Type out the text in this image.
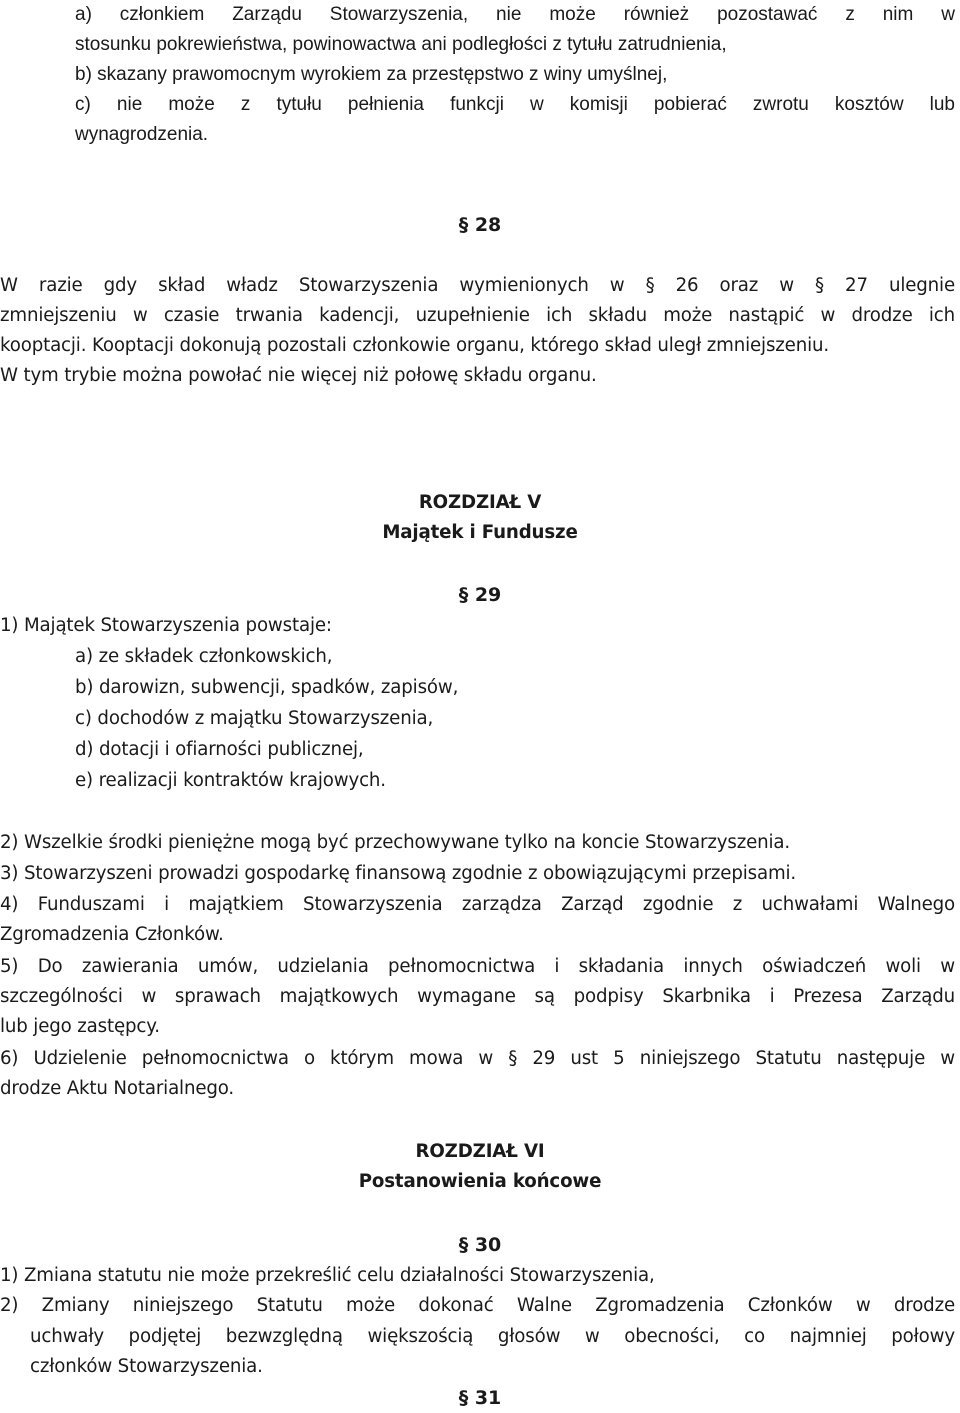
a) członkiem Zarządu Stowarzyszenia, nie może również pozostawać z nim w
stosunku pokrewieństwa, powinowactwa ani podległości z tytułu zatrudnienia,
b) skazany prawomocnym wyrokiem za przestępstwo z winy umyślnej,
c) nie może z tytułu pełnienia funkcji w komisji pobierać zwrotu kosztów lub
wynagrodzenia.
§ 28
W razie gdy skład władz Stowarzyszenia wymienionych w § 26 oraz w § 27 ulegnie
zmniejszeniu w czasie trwania kadencji, uzupełnienie ich składu może nastąpić w drodze ich
kooptacji. Kooptacji dokonują pozostali członkowie organu, którego skład uległ zmniejszeniu.
W tym trybie można powołać nie więcej niż połowę składu organu.
ROZDZIAŁ V
Majątek i Fundusze
§ 29
1) Majątek Stowarzyszenia powstaje:
a) ze składek członkowskich,
b) darowizn, subwencji, spadków, zapisów,
c) dochodów z majątku Stowarzyszenia,
d) dotacji i ofiarności publicznej,
e) realizacji kontraktów krajowych.
2) Wszelkie środki pieniężne mogą być przechowywane tylko na koncie Stowarzyszenia.
3) Stowarzyszeni prowadzi gospodarkę finansową zgodnie z obowiązującymi przepisami.
4) Funduszami i majątkiem Stowarzyszenia zarządza Zarząd zgodnie z uchwałami Walnego
Zgromadzenia Członków.
5) Do zawierania umów, udzielania pełnomocnictwa i składania innych oświadczeń woli w
szczególności w sprawach majątkowych wymagane są podpisy Skarbnika i Prezesa Zarządu
lub jego zastępcy.
6) Udzielenie pełnomocnictwa o którym mowa w § 29 ust 5 niniejszego Statutu następuje w
drodze Aktu Notarialnego.
ROZDZIAŁ VI
Postanowienia końcowe
§ 30
1) Zmiana statutu nie może przekreślić celu działalności Stowarzyszenia,
2) Zmiany niniejszego Statutu może dokonać Walne Zgromadzenia Członków w drodze
uchwały podjętej bezwzględną większością głosów w obecności, co najmniej połowy
członków Stowarzyszenia.
§ 31
